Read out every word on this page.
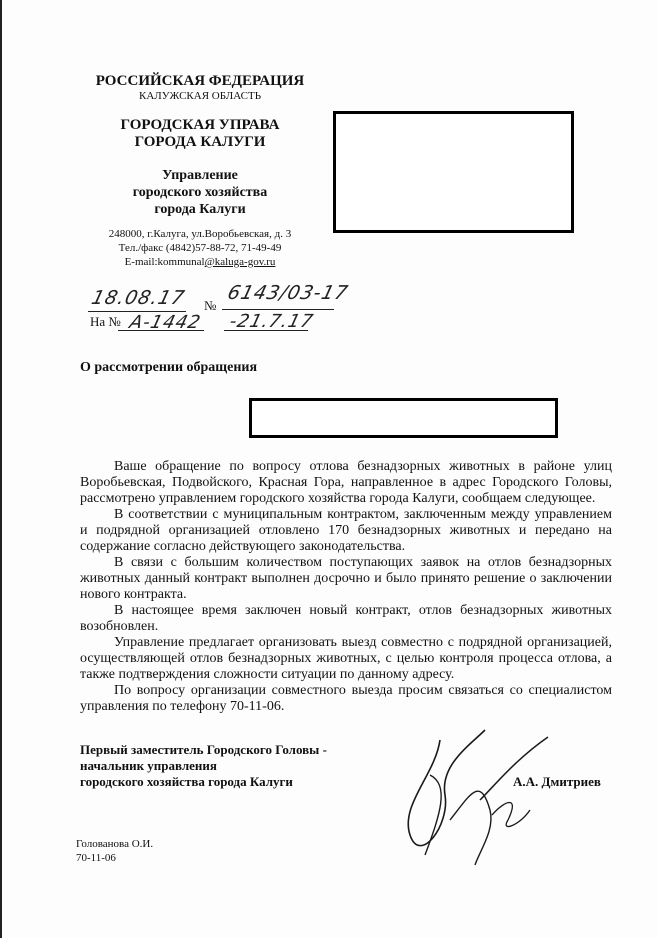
РОССИЙСКАЯ ФЕДЕРАЦИЯ
КАЛУЖСКАЯ ОБЛАСТЬ
ГОРОДСКАЯ УПРАВА
ГОРОДА КАЛУГИ
Управление
городского хозяйства
города Калуги
248000, г.Калуга, ул.Воробьевская, д. 3
Тел./факс (4842)57-88-72, 71-49-49
E-mail:kommunal@kaluga-gov.ru
18.08.17 №
6143/03-17
На № А-1442 -21.7.17
О рассмотрении обращения
Ваше обращение по вопросу отлова безнадзорных животных в районе улиц Воробьевская, Подвойского, Красная Гора, направленное в адрес Городского Головы, рассмотрено управлением городского хозяйства города Калуги, сообщаем следующее.
В соответствии с муниципальным контрактом, заключенным между управлением и подрядной организацией отловлено 170 безнадзорных животных и передано на содержание согласно действующего законодательства.
В связи с большим количеством поступающих заявок на отлов безнадзорных животных данный контракт выполнен досрочно и было принято решение о заключении нового контракта.
В настоящее время заключен новый контракт, отлов безнадзорных животных возобновлен.
Управление предлагает организовать выезд совместно с подрядной организацией, осуществляющей отлов безнадзорных животных, с целью контроля процесса отлова, а также подтверждения сложности ситуации по данному адресу.
По вопросу организации совместного выезда просим связаться со специалистом управления по телефону 70-11-06.
Первый заместитель Городского Головы -
начальник управления
городского хозяйства города Калуги	А.А. Дмитриев
Голованова О.И.
70-11-06
